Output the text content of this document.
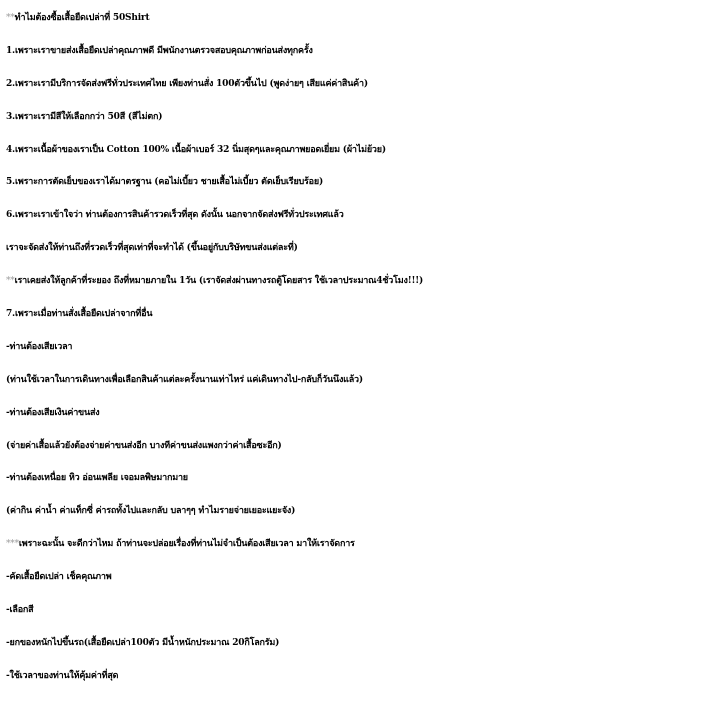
**ทำไมต้องซื้อเสื้อยืดเปล่าที่ 50Shirt
1.เพราะเราขายส่งเสื้อยืดเปล่าคุณภาพดี มีพนักงานตรวจสอบคุณภาพก่อนส่งทุกครั้ง
2.เพราะเรามีบริการจัดส่งฟรีทั่วประเทศไทย เพียงท่านสั่ง 100ตัวขึ้นไป (พูดง่ายๆ เสียแค่ค่าสินค้า)
3.เพราะเรามีสีให้เลือกกว่า 50สี (สีไม่ตก)
4.เพราะเนื้อผ้าของเราเป็น Cotton 100% เนื้อผ้าเบอร์ 32 นิ่มสุดๆและคุณภาพยอดเยี่ยม (ผ้าไม่ย้วย)
5.เพราะการตัดเย็บของเราได้มาตรฐาน (คอไม่เบี้ยว ชายเสื้อไม่เบี้ยว ตัดเย็บเรียบร้อย)
6.เพราะเราเข้าใจว่า ท่านต้องการสินค้ารวดเร็วที่สุด ดังนั้น นอกจากจัดส่งฟรีทั่วประเทศแล้ว
เราจะจัดส่งให้ท่านถึงที่รวดเร็วที่สุดเท่าที่จะทำได้ (ขึ้นอยู่กับบริษัทขนส่งแต่ละที่)
**เราเคยส่งให้ลูกค้าที่ระยอง ถึงที่หมายภายใน 1วัน (เราจัดส่งผ่านทางรถตู้โดยสาร ใช้เวลาประมาณ4ชั่วโมง!!!)
7.เพราะเมื่อท่านสั่งเสื้อยืดเปล่าจากที่อื่น
-ท่านต้องเสียเวลา
(ท่านใช้เวลาในการเดินทางเพื่อเลือกสินค้าแต่ละครั้งนานเท่าไหร่ แค่เดินทางไป-กลับก็วันนึงแล้ว)
-ท่านต้องเสียเงินค่าขนส่ง
(จ่ายค่าเสื้อแล้วยังต้องจ่ายค่าขนส่งอีก บางทีค่าขนส่งแพงกว่าค่าเสื้อซะอีก)
-ท่านต้องเหนื่อย หิว อ่อนเพลีย เจอมลพิษมากมาย
(ค่ากิน ค่าน้ำ ค่าแท็กซี่ ค่ารถทั้งไปและกลับ บลาๆๆ ทำไมรายจ่ายเยอะแยะจัง)
***เพราะฉะนั้น จะดีกว่าไหม ถ้าท่านจะปล่อยเรื่องที่ท่านไม่จำเป็นต้องเสียเวลา มาให้เราจัดการ
-คัดเสื้อยืดเปล่า เช็คคุณภาพ
-เลือกสี
-ยกของหนักไปขึ้นรถ(เสื้อยืดเปล่า100ตัว มีน้ำหนักประมาณ 20กิโลกรัม)
-ใช้เวลาของท่านให้คุ้มค่าที่สุด
